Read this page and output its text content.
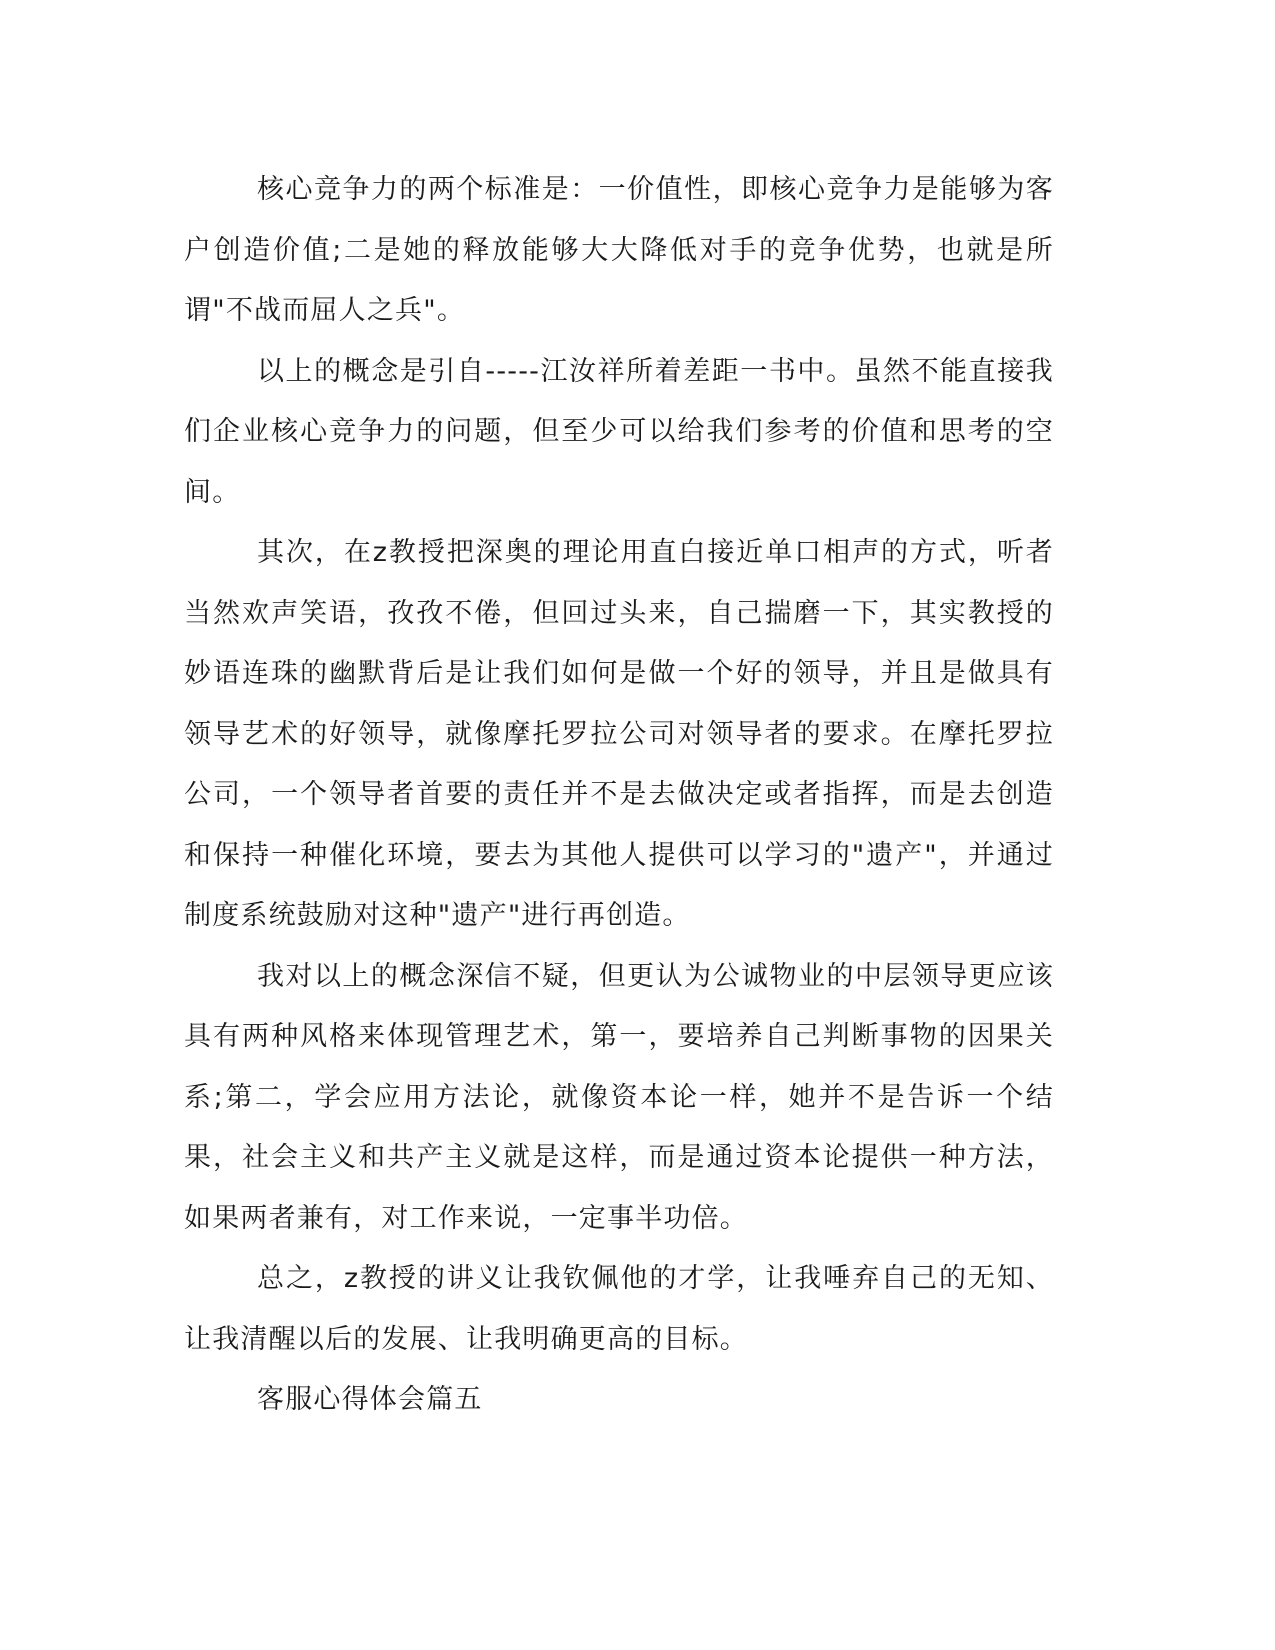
核心竞争力的两个标准是：一价值性，即核心竞争力是能够为客户创造价值;二是她的释放能够大大降低对手的竞争优势，也就是所谓"不战而屈人之兵"。

以上的概念是引自-----江汝祥所着差距一书中。虽然不能直接我们企业核心竞争力的问题，但至少可以给我们参考的价值和思考的空间。

其次，在z教授把深奥的理论用直白接近单口相声的方式，听者当然欢声笑语，孜孜不倦，但回过头来，自己揣磨一下，其实教授的妙语连珠的幽默背后是让我们如何是做一个好的领导，并且是做具有领导艺术的好领导，就像摩托罗拉公司对领导者的要求。在摩托罗拉公司，一个领导者首要的责任并不是去做决定或者指挥，而是去创造和保持一种催化环境，要去为其他人提供可以学习的"遗产"，并通过制度系统鼓励对这种"遗产"进行再创造。

我对以上的概念深信不疑，但更认为公诚物业的中层领导更应该具有两种风格来体现管理艺术，第一，要培养自己判断事物的因果关系;第二，学会应用方法论，就像资本论一样，她并不是告诉一个结果，社会主义和共产主义就是这样，而是通过资本论提供一种方法，如果两者兼有，对工作来说，一定事半功倍。

总之，z教授的讲义让我钦佩他的才学，让我唾弃自己的无知、让我清醒以后的发展、让我明确更高的目标。

客服心得体会篇五
